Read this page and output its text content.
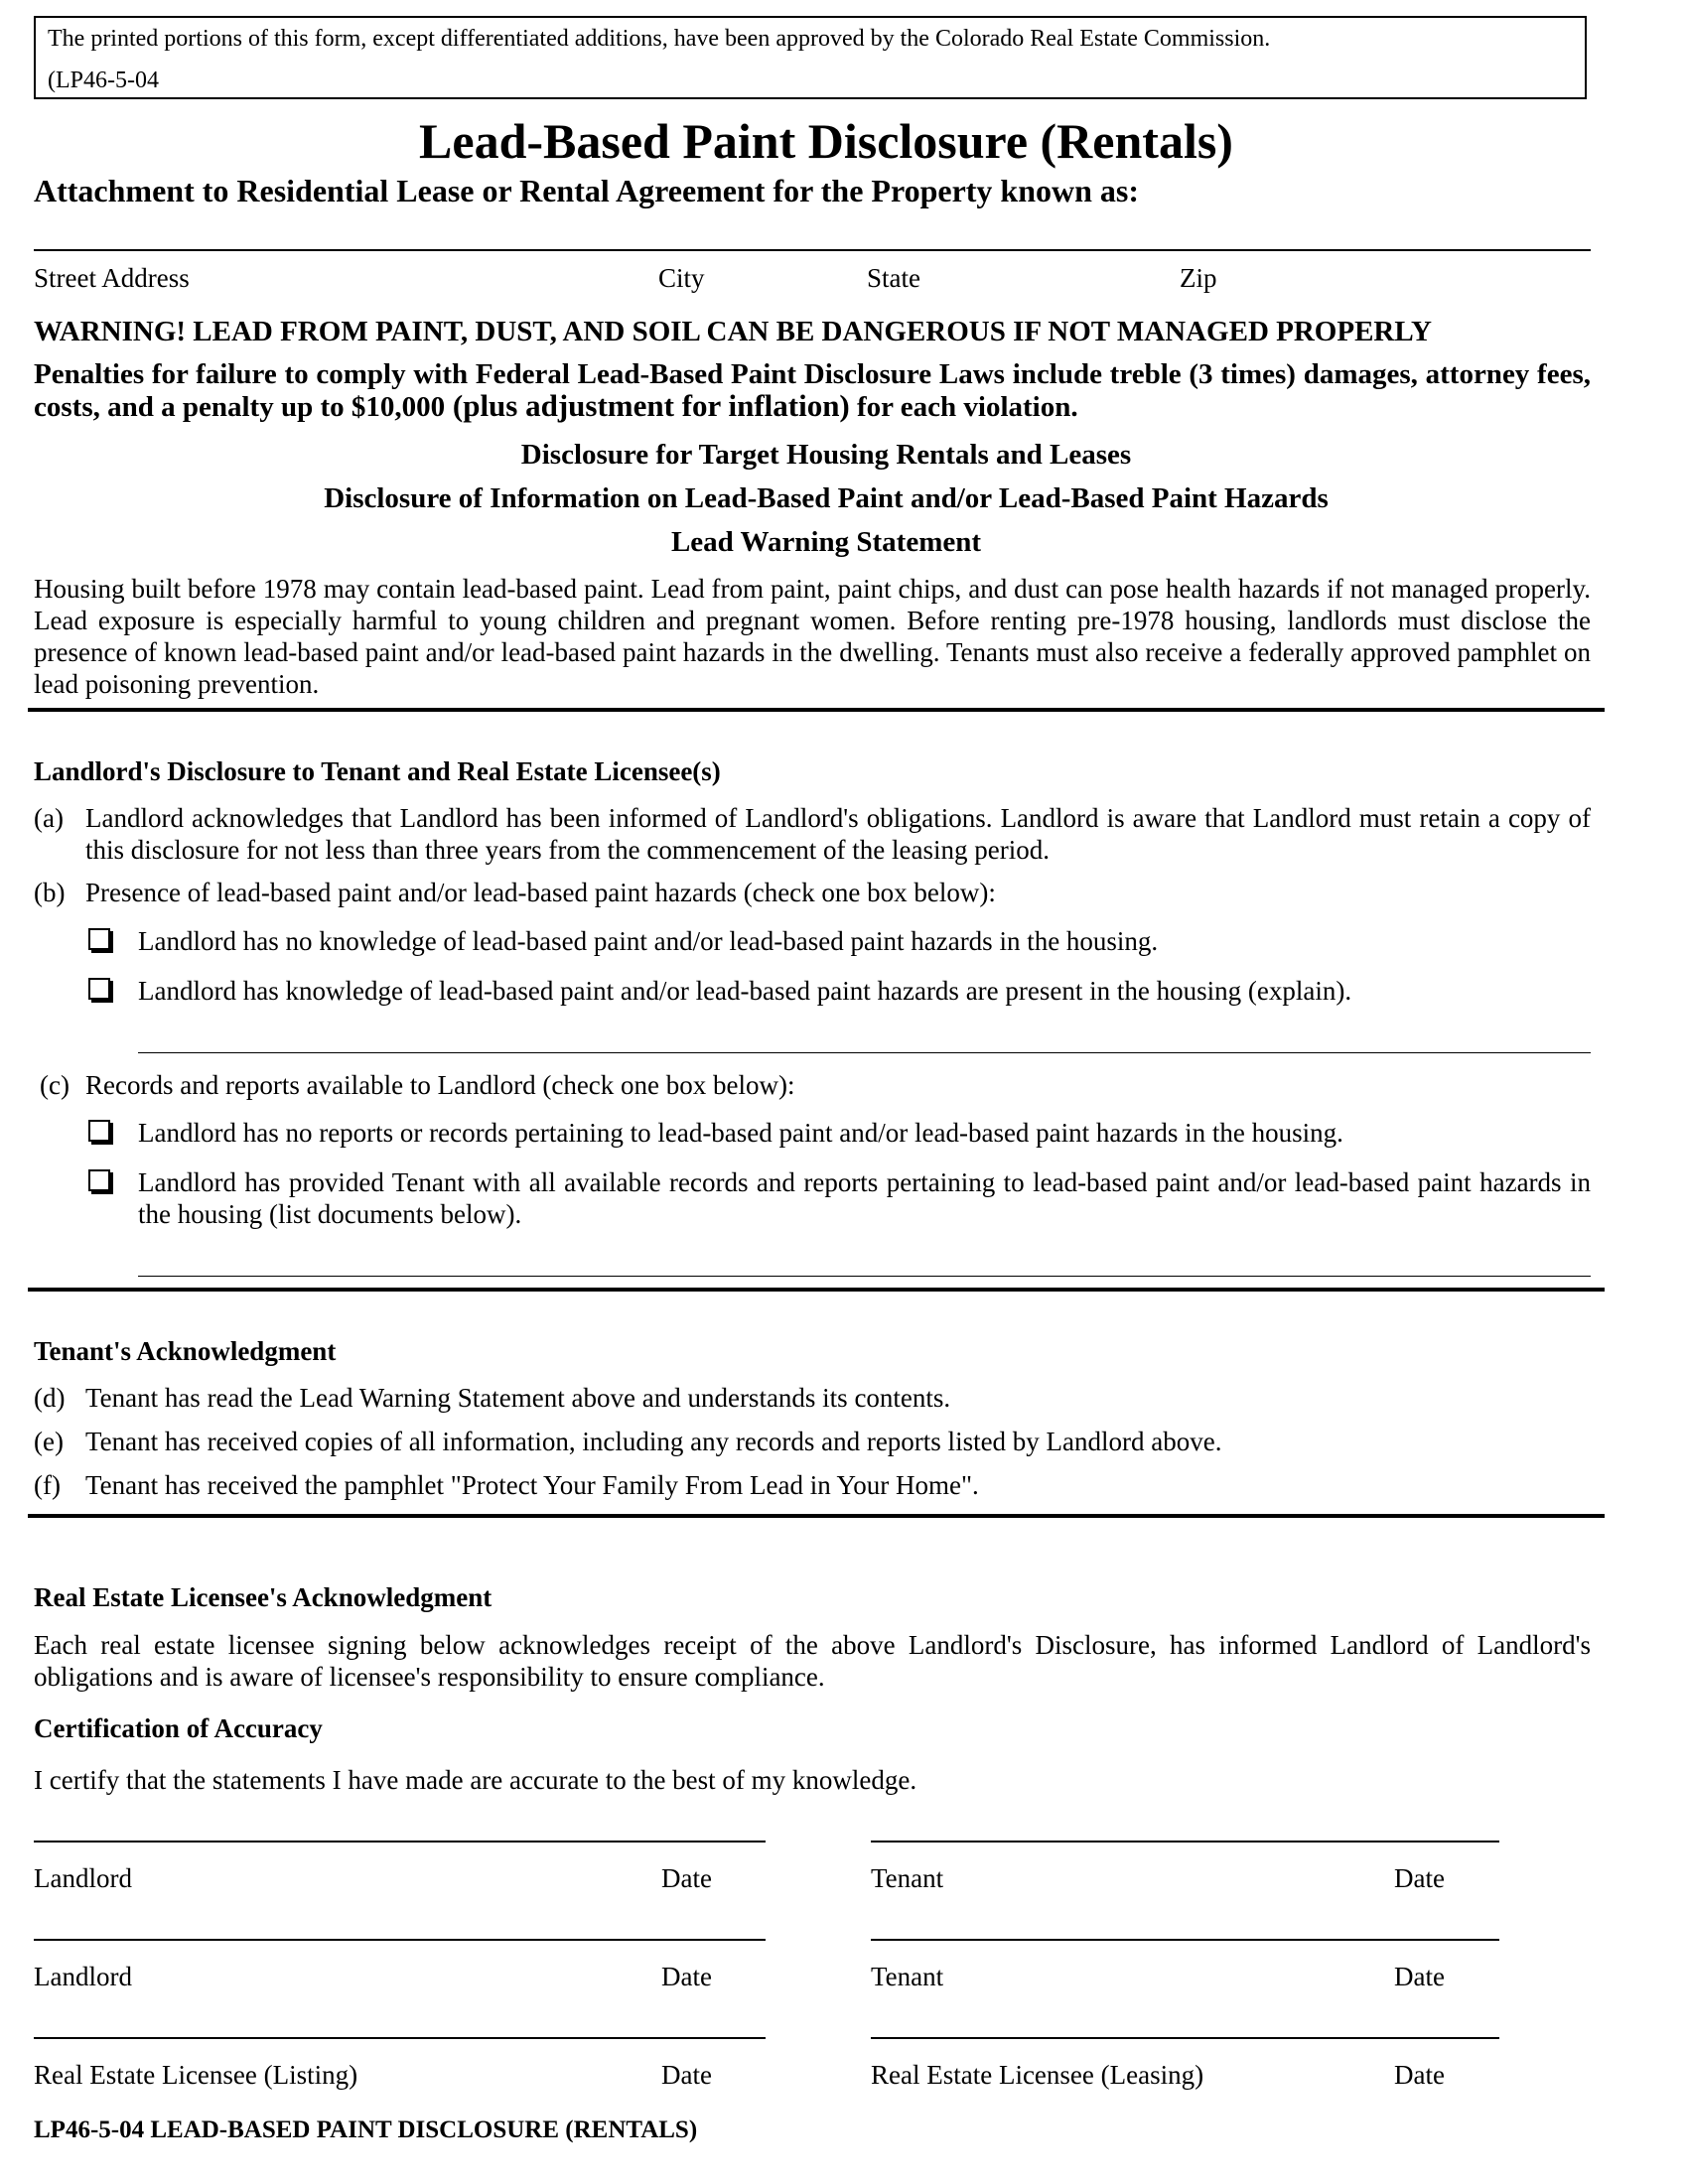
The printed portions of this form, except differentiated additions, have been approved by the Colorado Real Estate Commission.
(LP46-5-04
Lead-Based Paint Disclosure (Rentals)
Attachment to Residential Lease or Rental Agreement for the Property known as:
Street Address	City	State	Zip
WARNING! LEAD FROM PAINT, DUST, AND SOIL CAN BE DANGEROUS IF NOT MANAGED PROPERLY
Penalties for failure to comply with Federal Lead-Based Paint Disclosure Laws include treble (3 times) damages, attorney fees, costs, and a penalty up to $10,000 (plus adjustment for inflation) for each violation.
Disclosure for Target Housing Rentals and Leases
Disclosure of Information on Lead-Based Paint and/or Lead-Based Paint Hazards
Lead Warning Statement
Housing built before 1978 may contain lead-based paint. Lead from paint, paint chips, and dust can pose health hazards if not managed properly. Lead exposure is especially harmful to young children and pregnant women. Before renting pre-1978 housing, landlords must disclose the presence of known lead-based paint and/or lead-based paint hazards in the dwelling. Tenants must also receive a federally approved pamphlet on lead poisoning prevention.
Landlord's Disclosure to Tenant and Real Estate Licensee(s)
(a) Landlord acknowledges that Landlord has been informed of Landlord's obligations. Landlord is aware that Landlord must retain a copy of this disclosure for not less than three years from the commencement of the leasing period.
(b) Presence of lead-based paint and/or lead-based paint hazards (check one box below):
Landlord has no knowledge of lead-based paint and/or lead-based paint hazards in the housing.
Landlord has knowledge of lead-based paint and/or lead-based paint hazards are present in the housing (explain).
(c) Records and reports available to Landlord (check one box below):
Landlord has no reports or records pertaining to lead-based paint and/or lead-based paint hazards in the housing.
Landlord has provided Tenant with all available records and reports pertaining to lead-based paint and/or lead-based paint hazards in the housing (list documents below).
Tenant's Acknowledgment
(d) Tenant has read the Lead Warning Statement above and understands its contents.
(e) Tenant has received copies of all information, including any records and reports listed by Landlord above.
(f) Tenant has received the pamphlet "Protect Your Family From Lead in Your Home".
Real Estate Licensee's Acknowledgment
Each real estate licensee signing below acknowledges receipt of the above Landlord's Disclosure, has informed Landlord of Landlord's obligations and is aware of licensee's responsibility to ensure compliance.
Certification of Accuracy
I certify that the statements I have made are accurate to the best of my knowledge.
Landlord	Date	Tenant	Date
Landlord	Date	Tenant	Date
Real Estate Licensee (Listing)	Date	Real Estate Licensee (Leasing)	Date
LP46-5-04 LEAD-BASED PAINT DISCLOSURE (RENTALS)
